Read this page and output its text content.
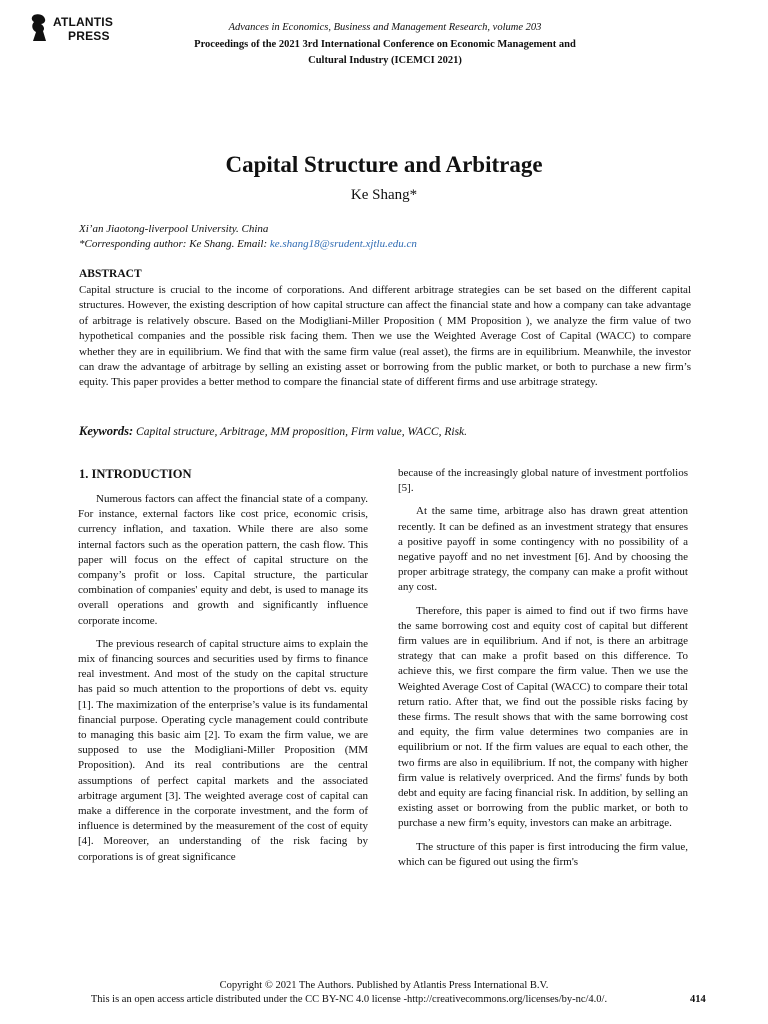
ATLANTIS
PRESS
Advances in Economics, Business and Management Research, volume 203
Proceedings of the 2021 3rd International Conference on Economic Management and
Cultural Industry (ICEMCI 2021)
Capital Structure and Arbitrage
Ke Shang*
Xi’an Jiaotong-liverpool University. China
*Corresponding author: Ke Shang. Email: ke.shang18@srudent.xjtlu.edu.cn
ABSTRACT
Capital structure is crucial to the income of corporations. And different arbitrage strategies can be set based on the different capital structures. However, the existing description of how capital structure can affect the financial state and how a company can take advantage of arbitrage is relatively obscure. Based on the Modigliani-Miller Proposition ( MM Proposition ), we analyze the firm value of two hypothetical companies and the possible risk facing them. Then we use the Weighted Average Cost of Capital (WACC) to compare whether they are in equilibrium. We find that with the same firm value (real asset), the firms are in equilibrium. Meanwhile, the investor can draw the advantage of arbitrage by selling an existing asset or borrowing from the public market, or both to purchase a new firm’s equity. This paper provides a better method to compare the financial state of different firms and use arbitrage strategy.
Keywords: Capital structure, Arbitrage, MM proposition, Firm value, WACC, Risk.
1. INTRODUCTION

Numerous factors can affect the financial state of a company. For instance, external factors like cost price, economic crisis, currency inflation, and taxation. While there are also some internal factors such as the operation pattern, the cash flow. This paper will focus on the effect of capital structure on the company’s profit or loss. Capital structure, the particular combination of companies' equity and debt, is used to manage its overall operations and growth and significantly influence corporate income.

The previous research of capital structure aims to explain the mix of financing sources and securities used by firms to finance real investment. And most of the study on the capital structure has paid so much attention to the proportions of debt vs. equity [1]. The maximization of the enterprise’s value is its fundamental financial purpose. Operating cycle management could contribute to managing this basic aim [2]. To exam the firm value, we are supposed to use the Modigliani-Miller Proposition (MM Proposition). And its real contributions are the central assumptions of perfect capital markets and the associated arbitrage argument [3]. The weighted average cost of capital can make a difference in the corporate investment, and the form of influence is determined by the measurement of the cost of equity [4]. Moreover, an understanding of the risk facing by corporations is of great significance

because of the increasingly global nature of investment portfolios [5].

At the same time, arbitrage also has drawn great attention recently. It can be defined as an investment strategy that ensures a positive payoff in some contingency with no possibility of a negative payoff and no net investment [6]. And by choosing the proper arbitrage strategy, the company can make a profit without any cost.

Therefore, this paper is aimed to find out if two firms have the same borrowing cost and equity cost of capital but different firm values are in equilibrium. And if not, is there an arbitrage strategy that can make a profit based on this difference. To achieve this, we first compare the firm value. Then we use the Weighted Average Cost of Capital (WACC) to compare their total return ratio. After that, we find out the possible risks facing by these firms. The result shows that with the same borrowing cost and equity, the firm value determines two companies are in equilibrium or not. If the firm values are equal to each other, the two firms are also in equilibrium. If not, the company with higher firm value is relatively overpriced. And the firms' funds by both debt and equity are facing financial risk. In addition, by selling an existing asset or borrowing from the public market, or both to purchase a new firm’s equity, investors can make an arbitrage.

The structure of this paper is first introducing the firm value, which can be figured out using the firm's

Copyright © 2021 The Authors. Published by Atlantis Press International B.V.
This is an open access article distributed under the CC BY-NC 4.0 license -http://creativecommons.org/licenses/by-nc/4.0/.	414
